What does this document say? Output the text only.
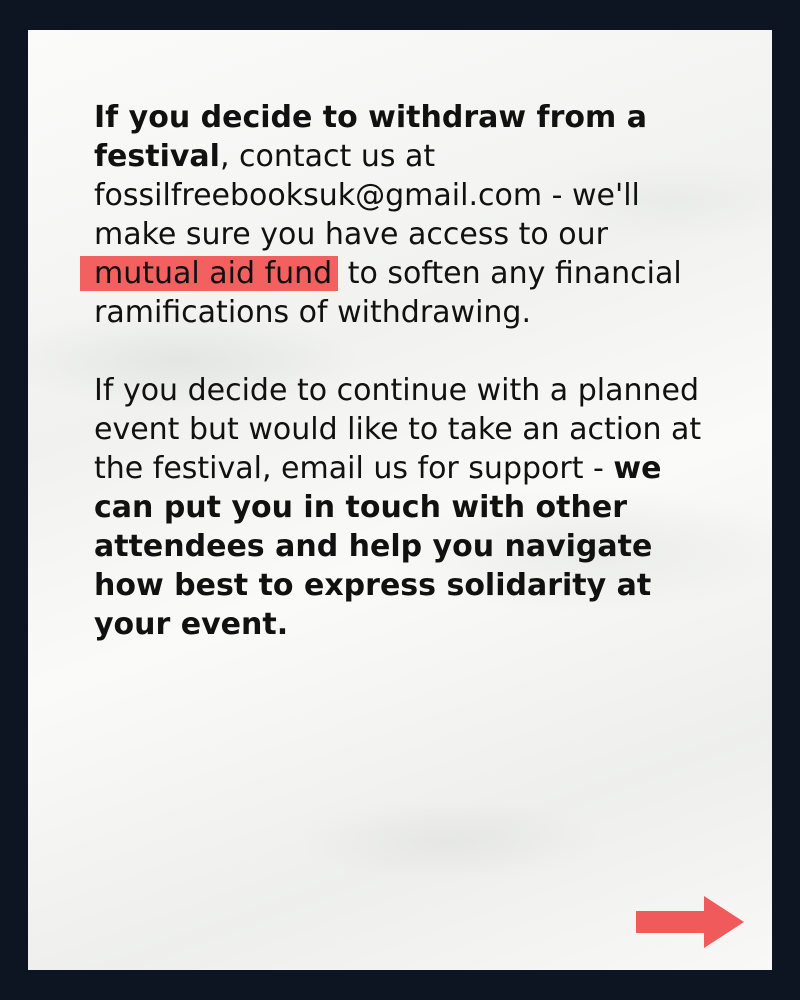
If you decide to withdraw from a festival, contact us at fossilfreebooksuk@gmail.com - we'll make sure you have access to our mutual aid fund to soften any financial ramifications of withdrawing.

If you decide to continue with a planned event but would like to take an action at the festival, email us for support - we can put you in touch with other attendees and help you navigate how best to express solidarity at your event.
